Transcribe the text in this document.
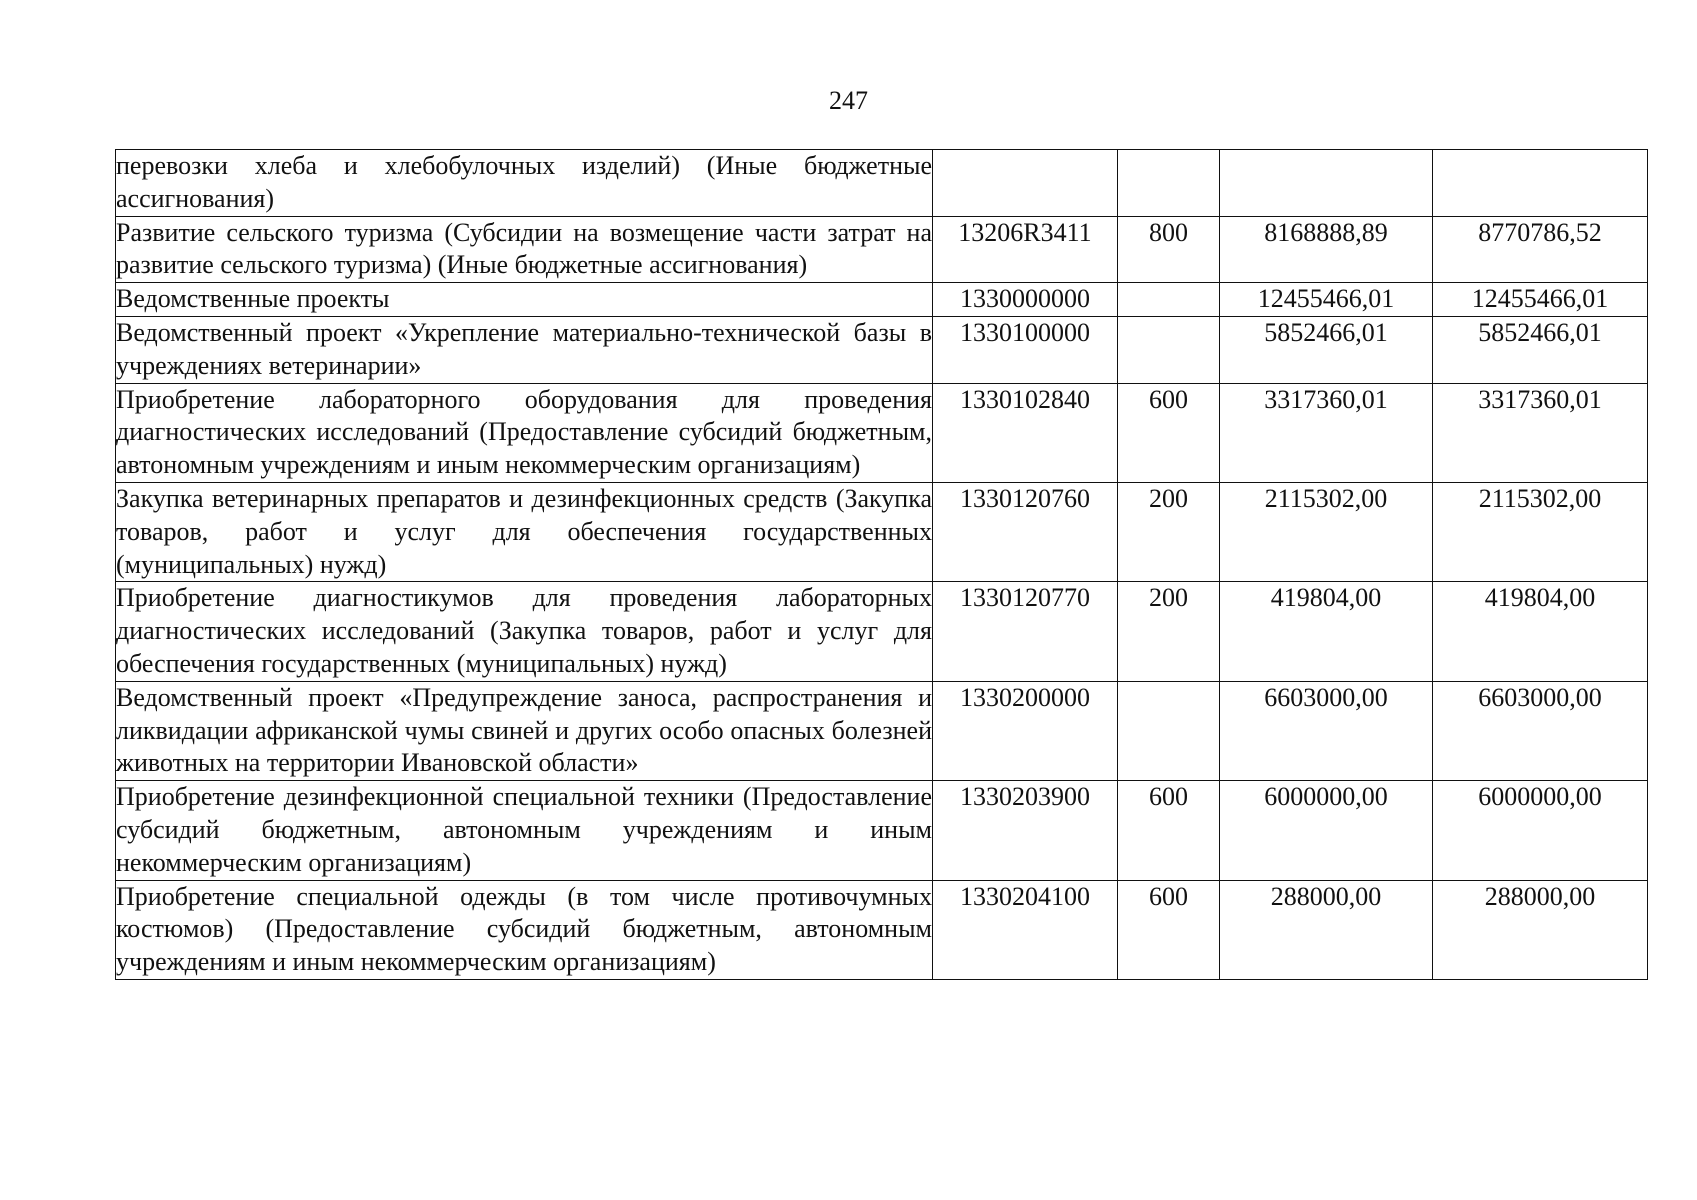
247
перевозки хлеба и хлебобулочных изделий) (Иные бюджетные ассигнования)				
Развитие сельского туризма (Субсидии на возмещение части затрат на развитие сельского туризма) (Иные бюджетные ассигнования)	13206R3411	800	8168888,89	8770786,52
Ведомственные проекты	1330000000		12455466,01	12455466,01
Ведомственный проект «Укрепление материально-технической базы в учреждениях ветеринарии»	1330100000		5852466,01	5852466,01
Приобретение лабораторного оборудования для проведения диагностических исследований (Предоставление субсидий бюджетным, автономным учреждениям и иным некоммерческим организациям)	1330102840	600	3317360,01	3317360,01
Закупка ветеринарных препаратов и дезинфекционных средств (Закупка товаров, работ и услуг для обеспечения государственных (муниципальных) нужд)	1330120760	200	2115302,00	2115302,00
Приобретение диагностикумов для проведения лабораторных диагностических исследований (Закупка товаров, работ и услуг для обеспечения государственных (муниципальных) нужд)	1330120770	200	419804,00	419804,00
Ведомственный проект «Предупреждение заноса, распространения и ликвидации африканской чумы свиней и других особо опасных болезней животных на территории Ивановской области»	1330200000		6603000,00	6603000,00
Приобретение дезинфекционной специальной техники (Предоставление субсидий бюджетным, автономным учреждениям и иным некоммерческим организациям)	1330203900	600	6000000,00	6000000,00
Приобретение специальной одежды (в том числе противочумных костюмов) (Предоставление субсидий бюджетным, автономным учреждениям и иным некоммерческим организациям)	1330204100	600	288000,00	288000,00
